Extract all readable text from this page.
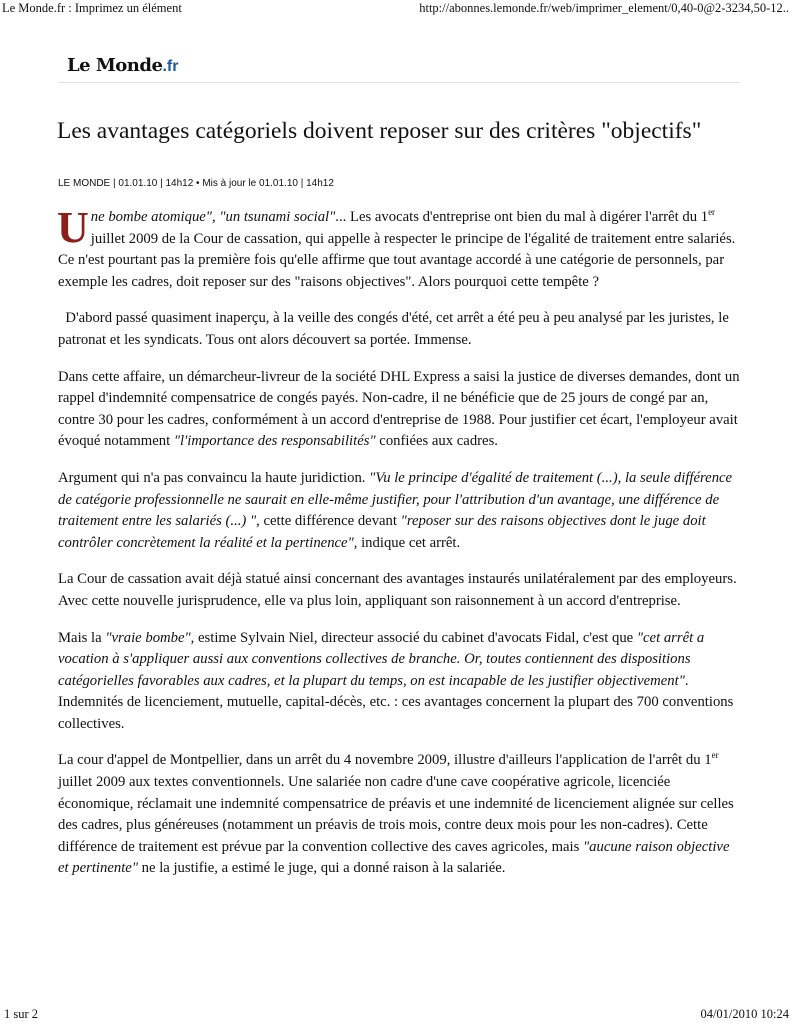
Le Monde.fr : Imprimez un élément	http://abonnes.lemonde.fr/web/imprimer_element/0,40-0@2-3234,50-12..
Le Monde.fr
Les avantages catégoriels doivent reposer sur des critères "objectifs"
LE MONDE | 01.01.10 | 14h12 • Mis à jour le 01.01.10 | 14h12

Une bombe atomique", "un tsunami social"... Les avocats d'entreprise ont bien du mal à digérer l'arrêt du 1er juillet 2009 de la Cour de cassation, qui appelle à respecter le principe de l'égalité de traitement entre salariés. Ce n'est pourtant pas la première fois qu'elle affirme que tout avantage accordé à une catégorie de personnels, par exemple les cadres, doit reposer sur des "raisons objectives". Alors pourquoi cette tempête ?

D'abord passé quasiment inaperçu, à la veille des congés d'été, cet arrêt a été peu à peu analysé par les juristes, le patronat et les syndicats. Tous ont alors découvert sa portée. Immense.

Dans cette affaire, un démarcheur-livreur de la société DHL Express a saisi la justice de diverses demandes, dont un rappel d'indemnité compensatrice de congés payés. Non-cadre, il ne bénéficie que de 25 jours de congé par an, contre 30 pour les cadres, conformément à un accord d'entreprise de 1988. Pour justifier cet écart, l'employeur avait évoqué notamment "l'importance des responsabilités" confiées aux cadres.

Argument qui n'a pas convaincu la haute juridiction. "Vu le principe d'égalité de traitement (...), la seule différence de catégorie professionnelle ne saurait en elle-même justifier, pour l'attribution d'un avantage, une différence de traitement entre les salariés (...) ", cette différence devant "reposer sur des raisons objectives dont le juge doit contrôler concrètement la réalité et la pertinence", indique cet arrêt.

La Cour de cassation avait déjà statué ainsi concernant des avantages instaurés unilatéralement par des employeurs. Avec cette nouvelle jurisprudence, elle va plus loin, appliquant son raisonnement à un accord d'entreprise.

Mais la "vraie bombe", estime Sylvain Niel, directeur associé du cabinet d'avocats Fidal, c'est que "cet arrêt a vocation à s'appliquer aussi aux conventions collectives de branche. Or, toutes contiennent des dispositions catégorielles favorables aux cadres, et la plupart du temps, on est incapable de les justifier objectivement". Indemnités de licenciement, mutuelle, capital-décès, etc. : ces avantages concernent la plupart des 700 conventions collectives.

La cour d'appel de Montpellier, dans un arrêt du 4 novembre 2009, illustre d'ailleurs l'application de l'arrêt du 1er juillet 2009 aux textes conventionnels. Une salariée non cadre d'une cave coopérative agricole, licenciée économique, réclamait une indemnité compensatrice de préavis et une indemnité de licenciement alignée sur celles des cadres, plus généreuses (notamment un préavis de trois mois, contre deux mois pour les non-cadres). Cette différence de traitement est prévue par la convention collective des caves agricoles, mais "aucune raison objective et pertinente" ne la justifie, a estimé le juge, qui a donné raison à la salariée.

1 sur 2	04/01/2010 10:24
